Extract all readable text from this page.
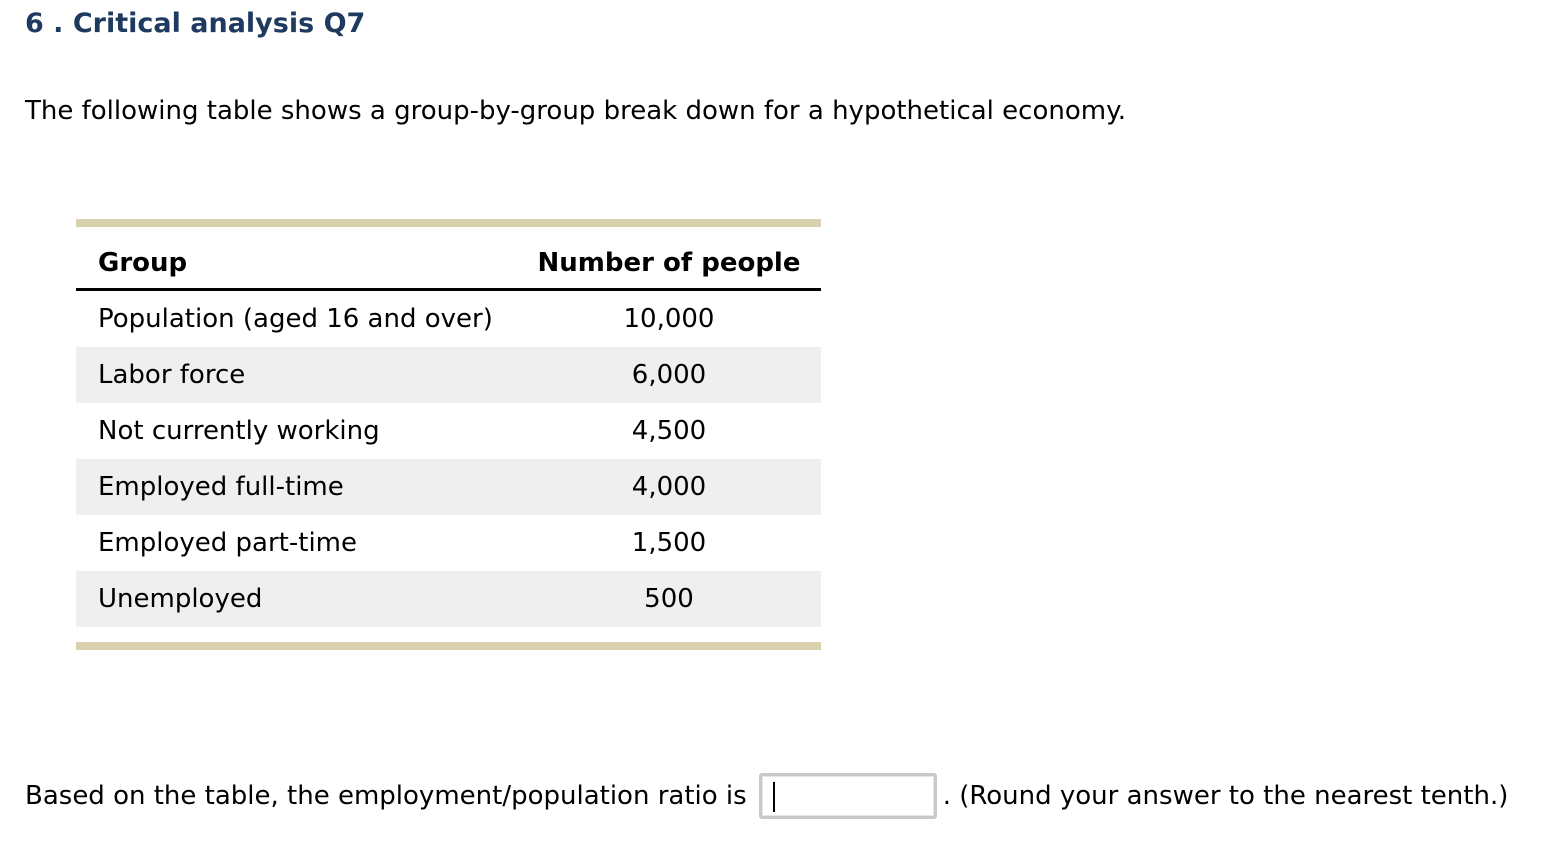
6 . Critical analysis Q7

The following table shows a group-by-group break down for a hypothetical economy.

Group	Number of people
Population (aged 16 and over)	10,000
Labor force	6,000
Not currently working	4,500
Employed full-time	4,000
Employed part-time	1,500
Unemployed	500
Based on the table, the employment/population ratio is	. (Round your answer to the nearest tenth.)
